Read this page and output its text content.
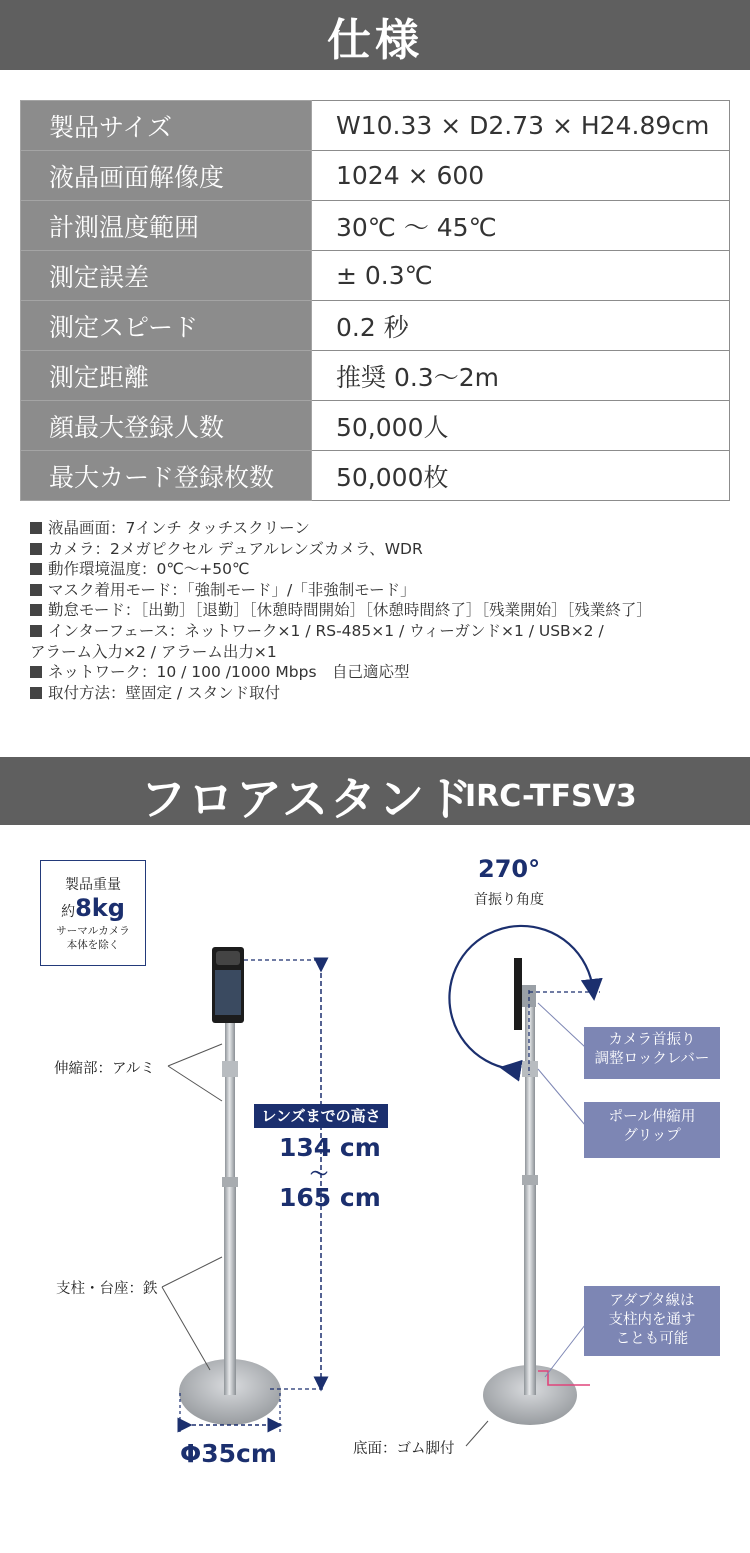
仕様
製品サイズ	W10.33 × D2.73 × H24.89cm
液晶画面解像度	1024 × 600
計測温度範囲	30℃ 〜 45℃
測定誤差	± 0.3℃
測定スピード	0.2 秒
測定距離	推奨 0.3〜2m
顔最大登録人数	50,000人
最大カード登録枚数	50,000枚
液晶画面：7インチ タッチスクリーン
カメラ：2メガピクセル デュアルレンズカメラ、WDR
動作環境温度：0℃〜+50℃
マスク着用モード：「強制モード」/「非強制モード」
勤怠モード：［出勤］［退勤］［休憩時間開始］［休憩時間終了］［残業開始］［残業終了］
インターフェース：ネットワーク×1 / RS-485×1 / ウィーガンド×1 / USB×2 /
アラーム入力×2 / アラーム出力×1
ネットワーク：10 / 100 /1000 Mbps　自己適応型
取付方法：壁固定 / スタンド取付
フロアスタンド
IRC-TFSV3
製品重量
約8kg
サーマルカメラ
本体を除く
伸縮部：アルミ
支柱・台座：鉄
レンズまでの高さ
134 cm
〜
165 cm
Φ35cm
270°
首振り角度
カメラ首振り
調整ロックレバー
ポール伸縮用
グリップ
アダプタ線は
支柱内を通す
ことも可能
底面：ゴム脚付
